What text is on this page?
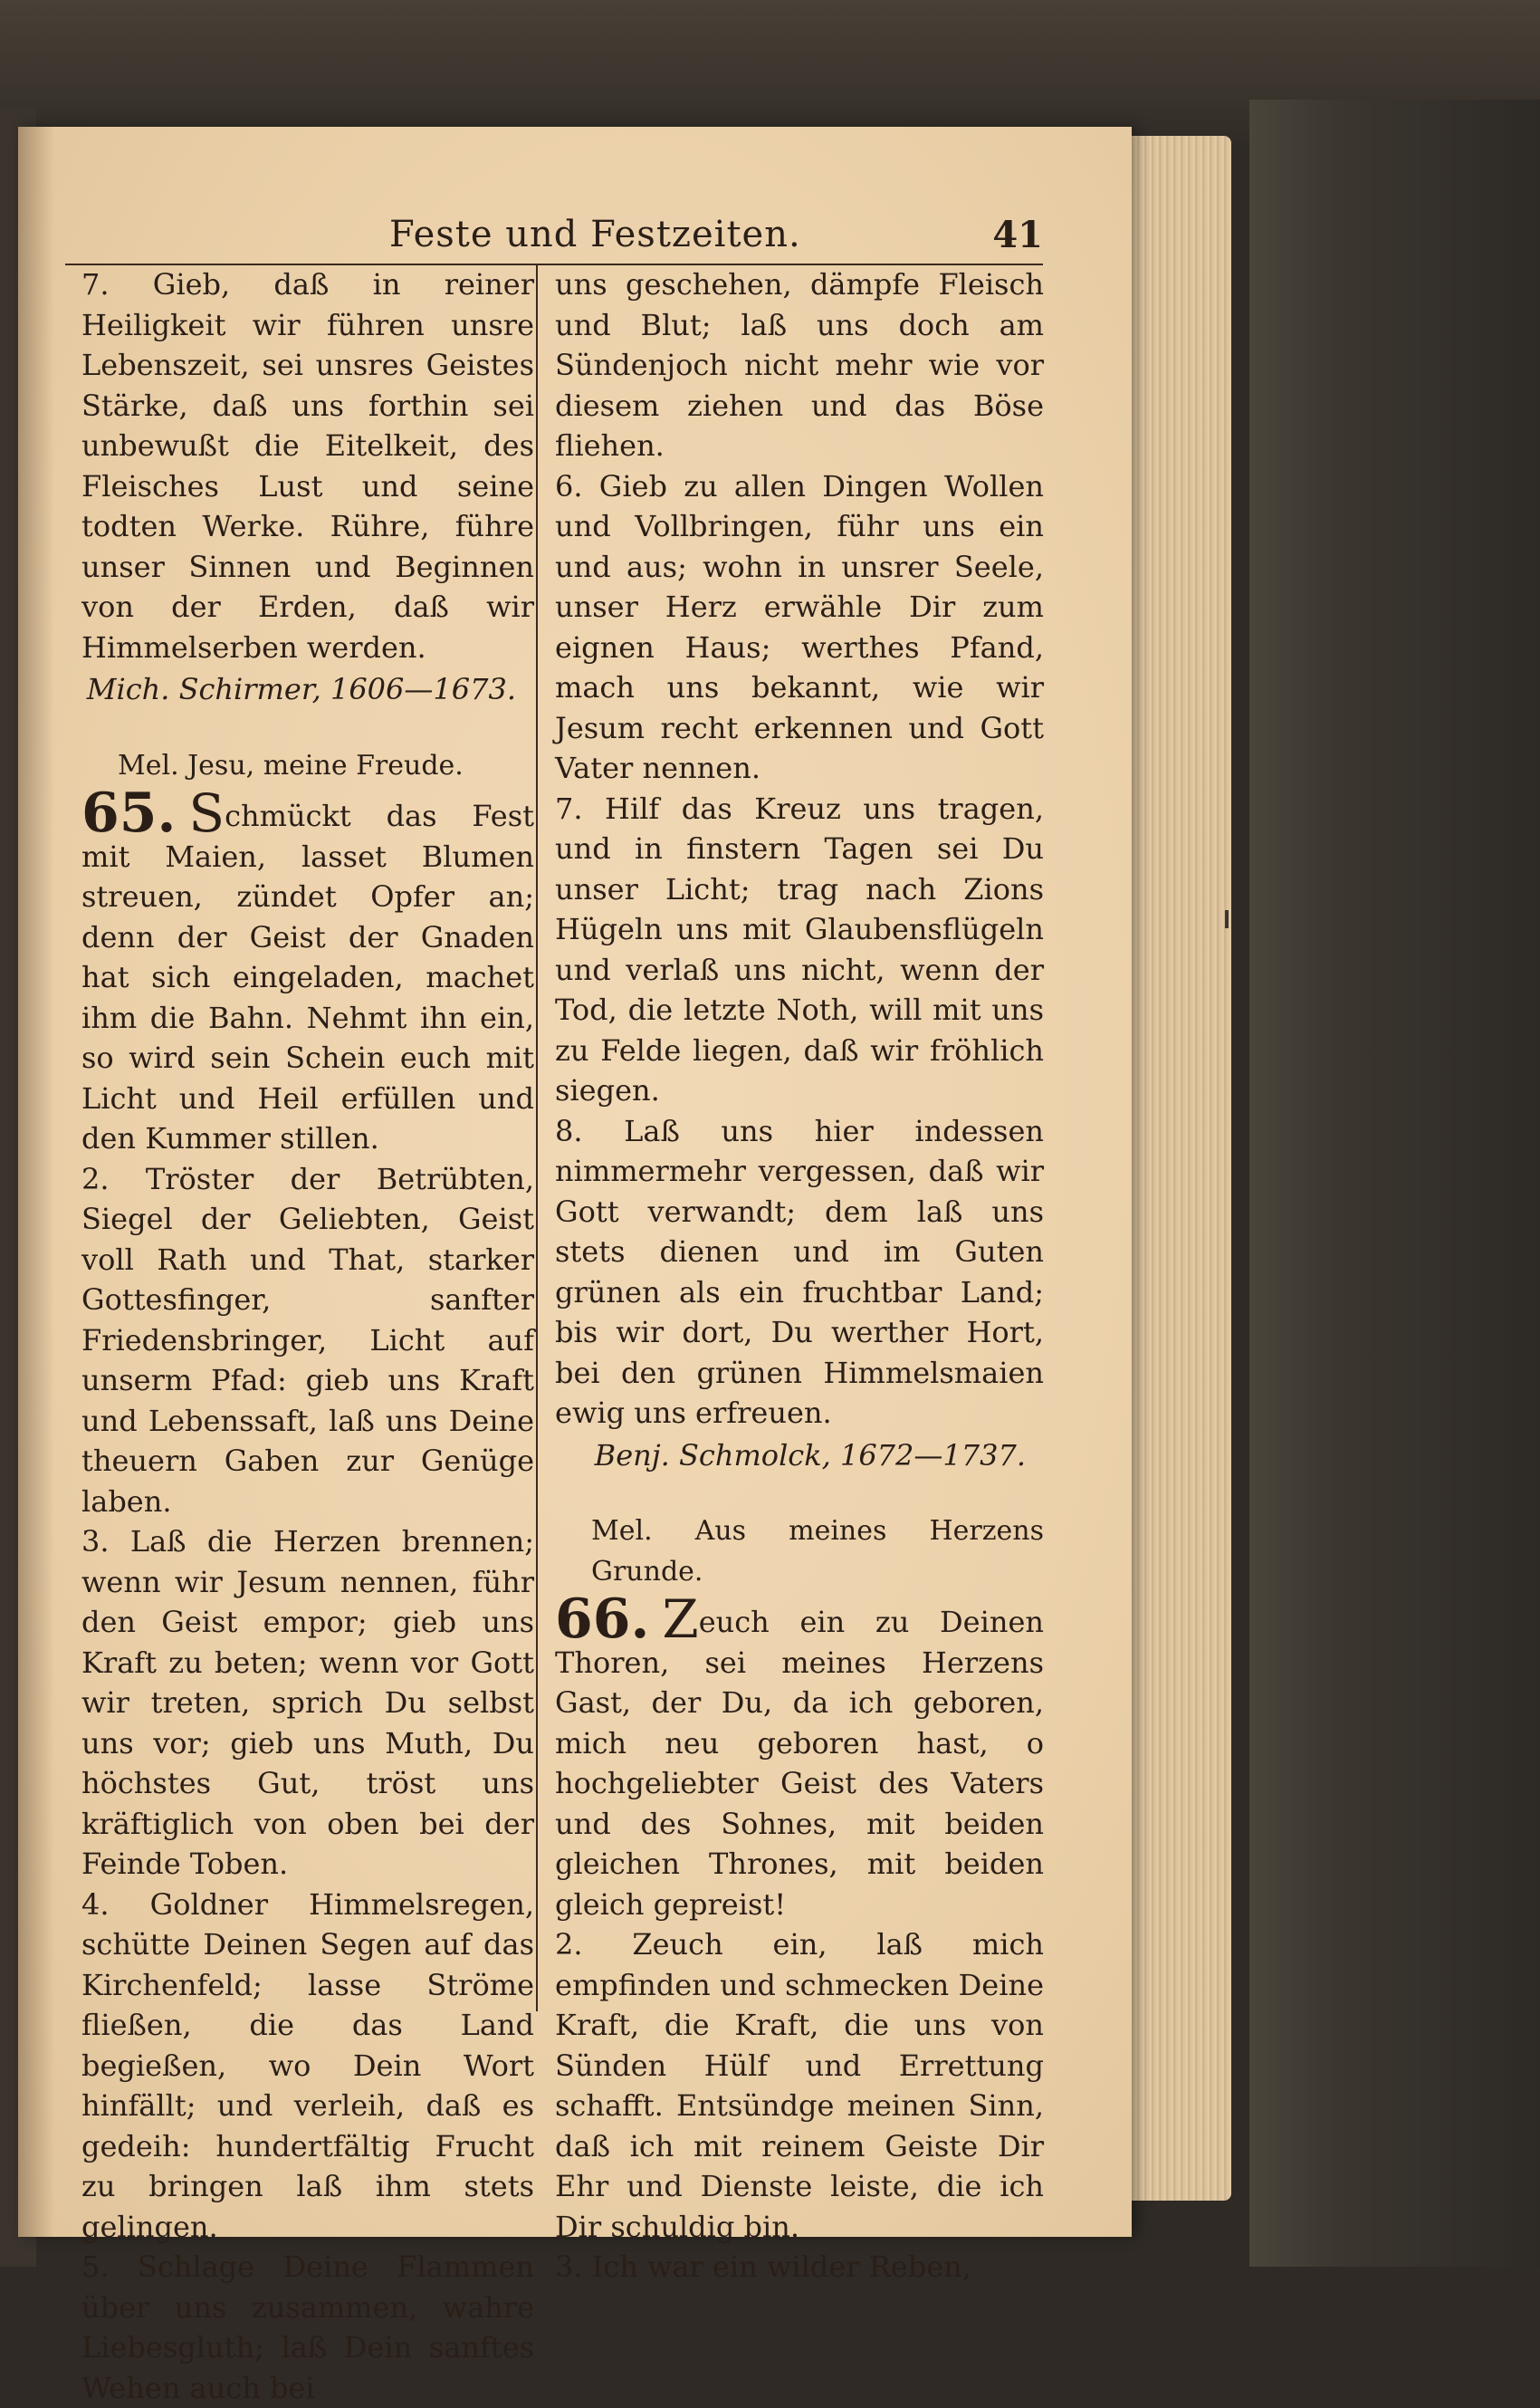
Feste und Festzeiten.	41

7. Gieb, daß in reiner Heiligkeit wir führen unsre Lebenszeit, sei unsres Geistes Stärke, daß uns forthin sei unbewußt die Eitelkeit, des Fleisches Lust und seine todten Werke. Rühre, führe unser Sinnen und Beginnen von der Erden, daß wir Himmelserben werden.

Mich. Schirmer, 1606—1673.

Mel. Jesu, meine Freude.

65. Schmückt das Fest mit Maien, lasset Blumen streuen, zündet Opfer an; denn der Geist der Gnaden hat sich eingeladen, machet ihm die Bahn. Nehmt ihn ein, so wird sein Schein euch mit Licht und Heil erfüllen und den Kummer stillen.

2. Tröster der Betrübten, Siegel der Geliebten, Geist voll Rath und That, starker Gottesfinger, sanfter Friedensbringer, Licht auf unserm Pfad: gieb uns Kraft und Lebenssaft, laß uns Deine theuern Gaben zur Genüge laben.

3. Laß die Herzen brennen; wenn wir Jesum nennen, führ den Geist empor; gieb uns Kraft zu beten; wenn vor Gott wir treten, sprich Du selbst uns vor; gieb uns Muth, Du höchstes Gut, tröst uns kräftiglich von oben bei der Feinde Toben.

4. Goldner Himmelsregen, schütte Deinen Segen auf das Kirchenfeld; lasse Ströme fließen, die das Land begießen, wo Dein Wort hinfällt; und verleih, daß es gedeih: hundertfältig Frucht zu bringen laß ihm stets gelingen.

5. Schlage Deine Flammen über uns zusammen, wahre Liebesgluth; laß Dein sanftes Wehen auch bei

uns geschehen, dämpfe Fleisch und Blut; laß uns doch am Sündenjoch nicht mehr wie vor diesem ziehen und das Böse fliehen.

6. Gieb zu allen Dingen Wollen und Vollbringen, führ uns ein und aus; wohn in unsrer Seele, unser Herz erwähle Dir zum eignen Haus; werthes Pfand, mach uns bekannt, wie wir Jesum recht erkennen und Gott Vater nennen.

7. Hilf das Kreuz uns tragen, und in finstern Tagen sei Du unser Licht; trag nach Zions Hügeln uns mit Glaubensflügeln und verlaß uns nicht, wenn der Tod, die letzte Noth, will mit uns zu Felde liegen, daß wir fröhlich siegen.

8. Laß uns hier indessen nimmermehr vergessen, daß wir Gott verwandt; dem laß uns stets dienen und im Guten grünen als ein fruchtbar Land; bis wir dort, Du werther Hort, bei den grünen Himmelsmaien ewig uns erfreuen.

Benj. Schmolck, 1672—1737.

Mel. Aus meines Herzens Grunde.

66. Zeuch ein zu Deinen Thoren, sei meines Herzens Gast, der Du, da ich geboren, mich neu geboren hast, o hochgeliebter Geist des Vaters und des Sohnes, mit beiden gleichen Thrones, mit beiden gleich gepreist!

2. Zeuch ein, laß mich empfinden und schmecken Deine Kraft, die Kraft, die uns von Sünden Hülf und Errettung schafft. Entsündge meinen Sinn, daß ich mit reinem Geiste Dir Ehr und Dienste leiste, die ich Dir schuldig bin.

3. Ich war ein wilder Reben,
